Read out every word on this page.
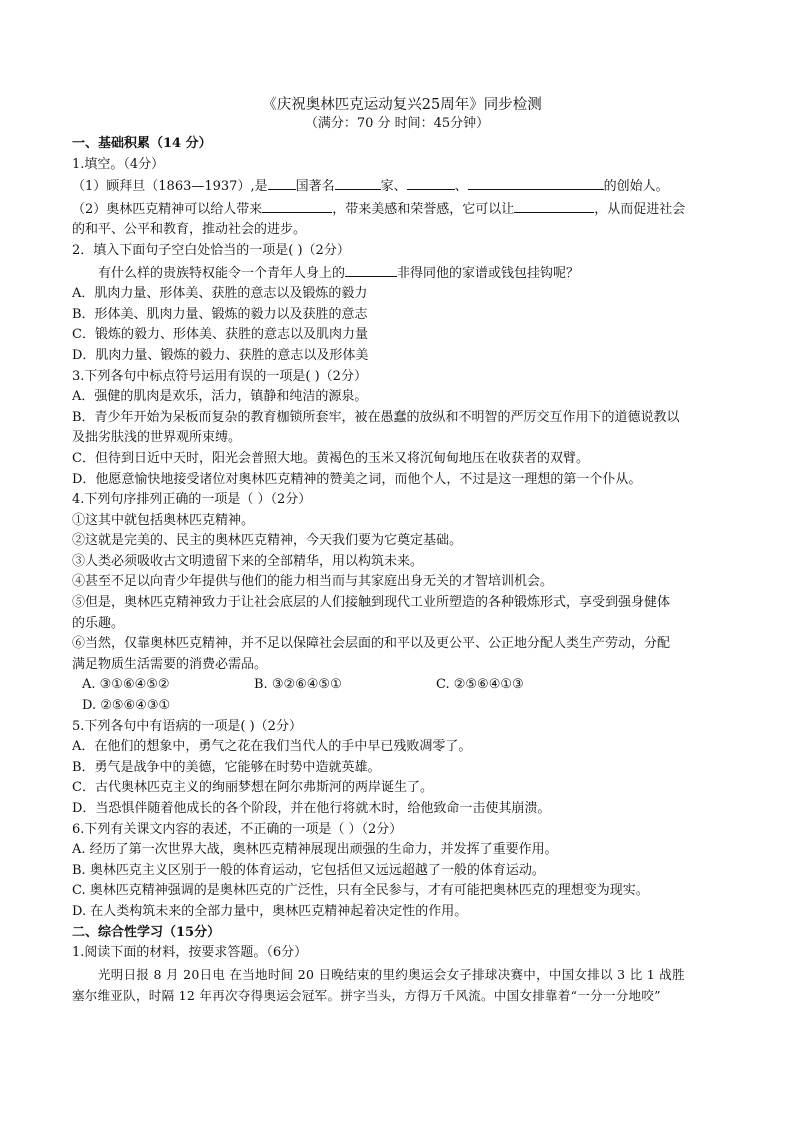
《庆祝奥林匹克运动复兴25周年》同步检测
（满分：70 分 时间：45分钟）
一、基础积累（14 分）
1.填空。（4分）
（1）顾拜旦（1863—1937）,是 国著名	家、	、	的创始人。
（2）奥林匹克精神可以给人带来	，带来美感和荣誉感，它可以让	，从而促进社会
的和平、公平和教育，推动社会的进步。
2．填入下面句子空白处恰当的一项是( )（2分）
有什么样的贵族特权能令一个青年人身上的	非得同他的家谱或钱包挂钩呢？
A．肌肉力量、形体美、获胜的意志以及锻炼的毅力
B．形体美、肌肉力量、锻炼的毅力以及获胜的意志
C．锻炼的毅力、形体美、获胜的意志以及肌肉力量
D．肌肉力量、锻炼的毅力、获胜的意志以及形体美
3.下列各句中标点符号运用有误的一项是( )（2分）
A．强健的肌肉是欢乐，活力，镇静和纯洁的源泉。
B．青少年开始为呆板而复杂的教育枷锁所套牢，被在愚蠢的放纵和不明智的严厉交互作用下的道德说教以
及拙劣肤浅的世界观所束缚。
C．但待到日近中天时，阳光会普照大地。黄褐色的玉米又将沉甸甸地压在收获者的双臂。
D．他愿意愉快地接受诸位对奥林匹克精神的赞美之词，而他个人，不过是这一理想的第一个仆从。
4.下列句序排列正确的一项是（ ）（2分）
①这其中就包括奥林匹克精神。
②这就是完美的、民主的奥林匹克精神，今天我们要为它奠定基础。
③人类必须吸收古文明遗留下来的全部精华，用以构筑未来。
④甚至不足以向青少年提供与他们的能力相当而与其家庭出身无关的才智培训机会。
⑤但是，奥林匹克精神致力于让社会底层的人们接触到现代工业所塑造的各种锻炼形式，享受到强身健体
的乐趣。
⑥当然，仅靠奥林匹克精神，并不足以保障社会层面的和平以及更公平、公正地分配人类生产劳动，分配
满足物质生活需要的消费必需品。
A. ③①⑥④⑤②	B. ③②⑥④⑤①	C. ②⑤⑥④①③
D. ②⑤⑥④③①
5.下列各句中有语病的一项是( )（2分）
A．在他们的想象中，勇气之花在我们当代人的手中早已残败凋零了。
B．勇气是战争中的美德，它能够在时势中造就英雄。
C．古代奥林匹克主义的绚丽梦想在阿尔弗斯河的两岸诞生了。
D．当恐惧伴随着他成长的各个阶段，并在他行将就木时，给他致命一击使其崩溃。
6.下列有关课文内容的表述，不正确的一项是（ ）（2分）
A. 经历了第一次世界大战，奥林匹克精神展现出顽强的生命力，并发挥了重要作用。
B. 奥林匹克主义区别于一般的体育运动，它包括但又远远超越了一般的体育运动。
C. 奥林匹克精神强调的是奥林匹克的广泛性，只有全民参与，才有可能把奥林匹克的理想变为现实。
D. 在人类构筑未来的全部力量中，奥林匹克精神起着决定性的作用。
二、综合性学习（15分）
1.阅读下面的材料，按要求答题。（6分）
光明日报 8 月 20日电 在当地时间 20 日晚结束的里约奥运会女子排球决赛中，中国女排以 3 比 1 战胜
塞尔维亚队，时隔 12 年再次夺得奥运会冠军。拼字当头，方得万千风流。中国女排靠着“一分一分地咬”
